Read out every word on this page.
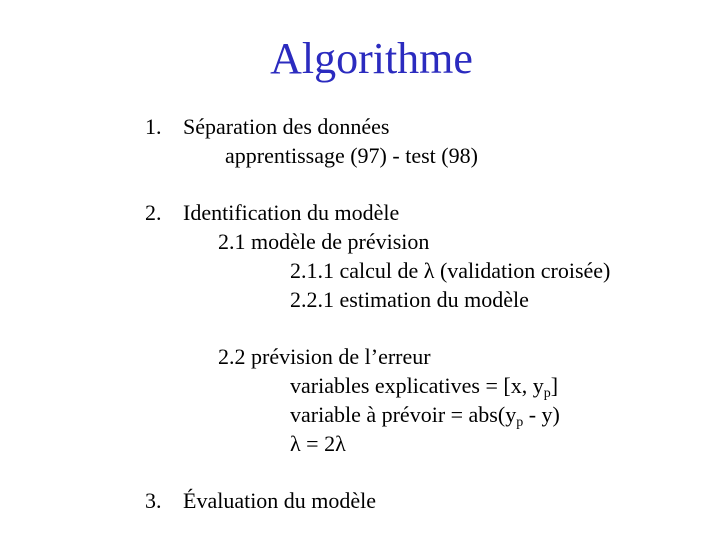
Algorithme
1. Séparation des données
apprentissage (97) - test (98)
2. Identification du modèle
2.1 modèle de prévision
2.1.1 calcul de λ (validation croisée)
2.2.1 estimation du modèle
2.2 prévision de l’erreur
variables explicatives = [x, $y_p$]
variable à prévoir = $abs(y_p - y)$
λ = 2λ
3. Évaluation du modèle
